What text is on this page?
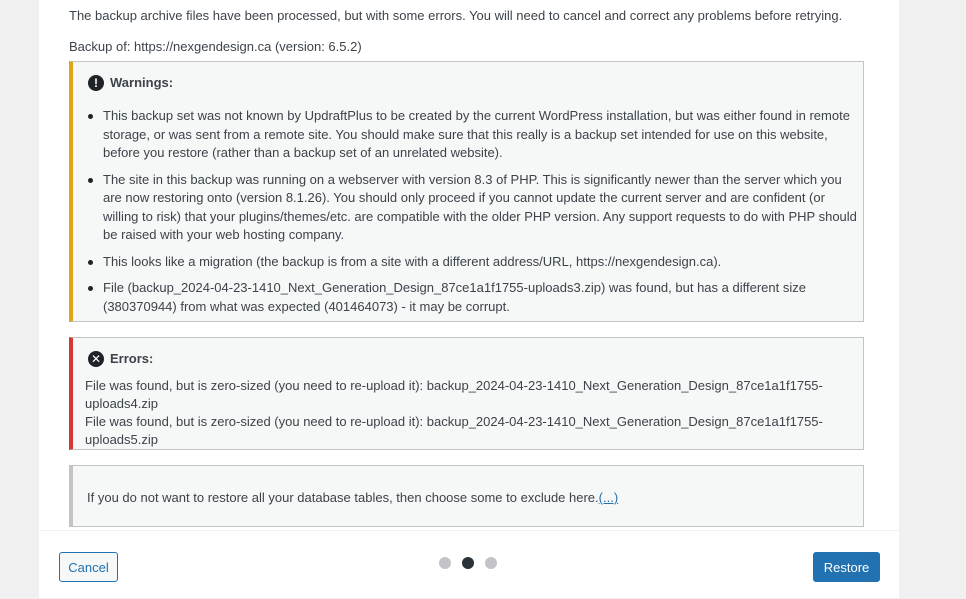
The backup archive files have been processed, but with some errors. You will need to cancel and correct any problems before retrying.
Backup of: https://nexgendesign.ca (version: 6.5.2)
! Warnings:
This backup set was not known by UpdraftPlus to be created by the current WordPress installation, but was either found in remote storage, or was sent from a remote site. You should make sure that this really is a backup set intended for use on this website, before you restore (rather than a backup set of an unrelated website).
The site in this backup was running on a webserver with version 8.3 of PHP. This is significantly newer than the server which you are now restoring onto (version 8.1.26). You should only proceed if you cannot update the current server and are confident (or willing to risk) that your plugins/themes/etc. are compatible with the older PHP version. Any support requests to do with PHP should be raised with your web hosting company.
This looks like a migration (the backup is from a site with a different address/URL, https://nexgendesign.ca).
File (backup_2024-04-23-1410_Next_Generation_Design_87ce1a1f1755-uploads3.zip) was found, but has a different size (380370944) from what was expected (401464073) - it may be corrupt.
✕ Errors:
File was found, but is zero-sized (you need to re-upload it): backup_2024-04-23-1410_Next_Generation_Design_87ce1a1f1755-uploads4.zip
File was found, but is zero-sized (you need to re-upload it): backup_2024-04-23-1410_Next_Generation_Design_87ce1a1f1755-uploads5.zip
If you do not want to restore all your database tables, then choose some to exclude here.(...)
Cancel	Restore
